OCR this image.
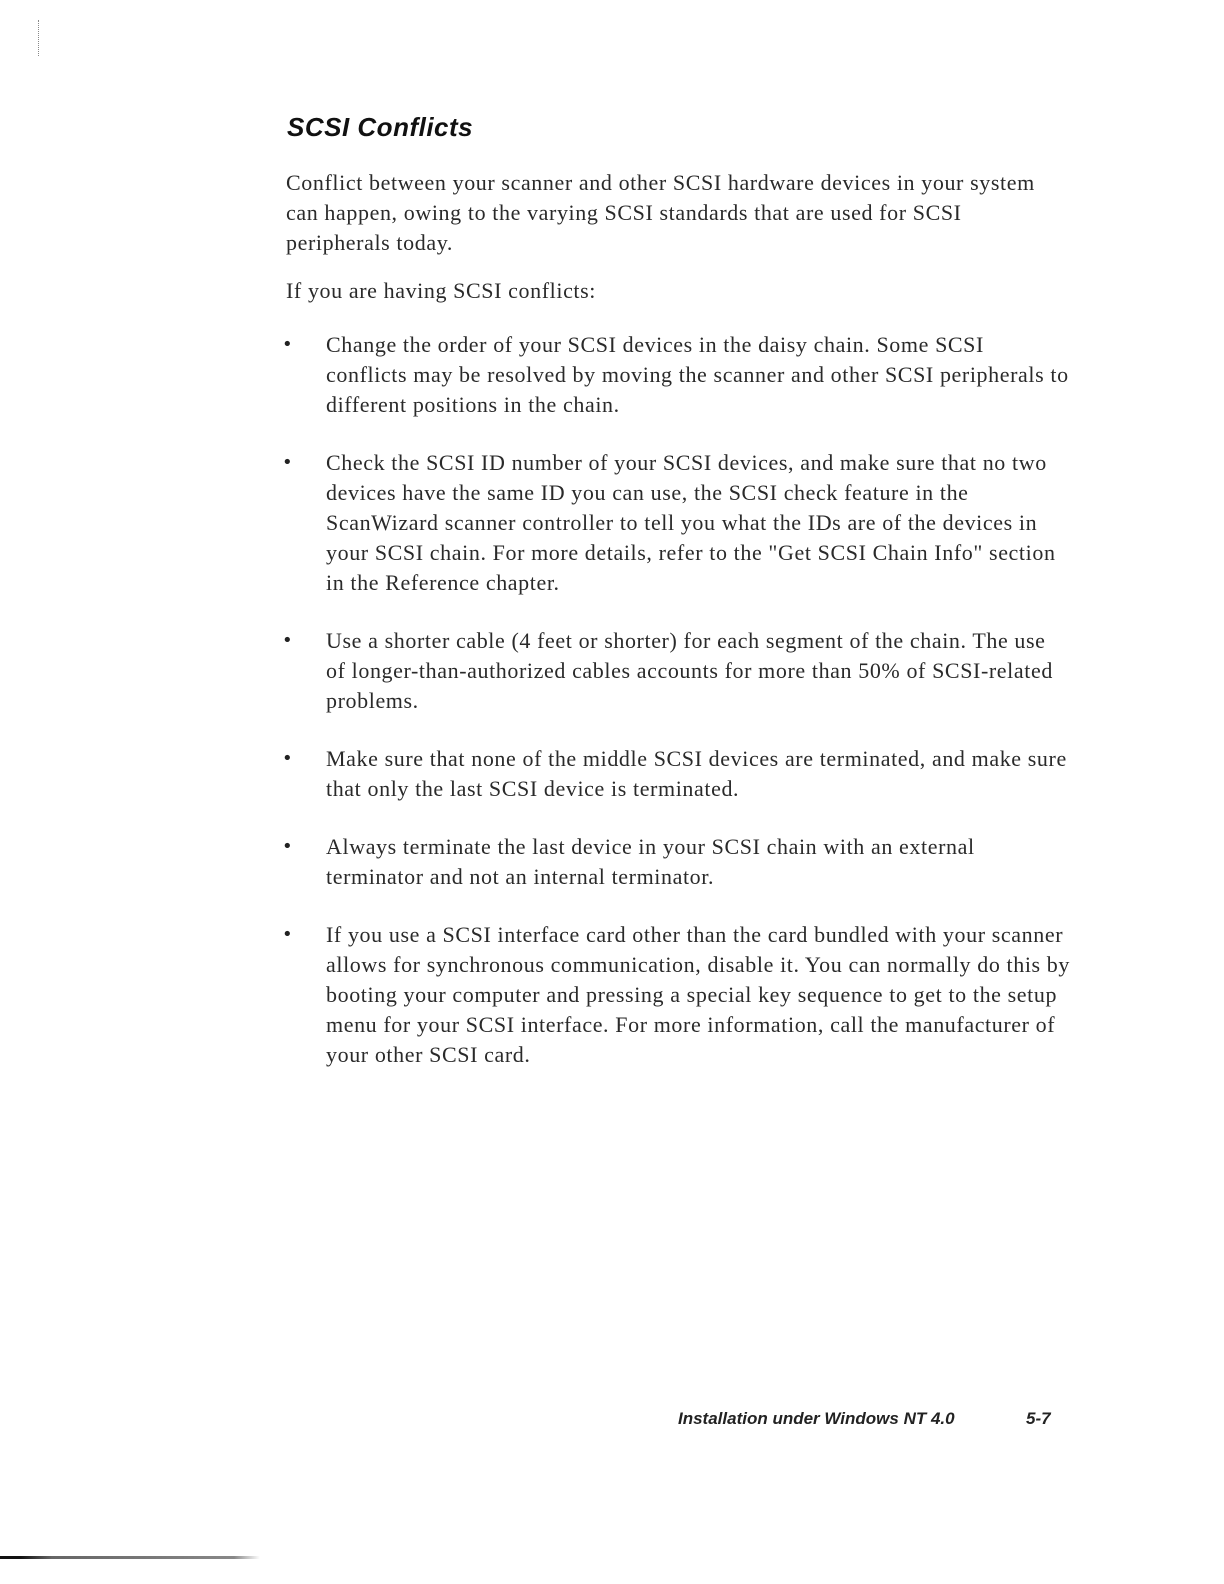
SCSI Conflicts

Conflict between your scanner and other SCSI hardware devices in your system can happen, owing to the varying SCSI standards that are used for SCSI peripherals today.

If you are having SCSI conflicts:

• Change the order of your SCSI devices in the daisy chain. Some SCSI conflicts may be resolved by moving the scanner and other SCSI peripherals to different positions in the chain.
• Check the SCSI ID number of your SCSI devices, and make sure that no two devices have the same ID you can use, the SCSI check feature in the ScanWizard scanner controller to tell you what the IDs are of the devices in your SCSI chain. For more details, refer to the "Get SCSI Chain Info" section in the Reference chapter.
• Use a shorter cable (4 feet or shorter) for each segment of the chain. The use of longer-than-authorized cables accounts for more than 50% of SCSI-related problems.
• Make sure that none of the middle SCSI devices are terminated, and make sure that only the last SCSI device is terminated.
• Always terminate the last device in your SCSI chain with an external terminator and not an internal terminator.
• If you use a SCSI interface card other than the card bundled with your scanner allows for synchronous communication, disable it. You can normally do this by booting your computer and pressing a special key sequence to get to the setup menu for your SCSI interface. For more information, call the manufacturer of your other SCSI card.
Installation under Windows NT 4.0	5-7
